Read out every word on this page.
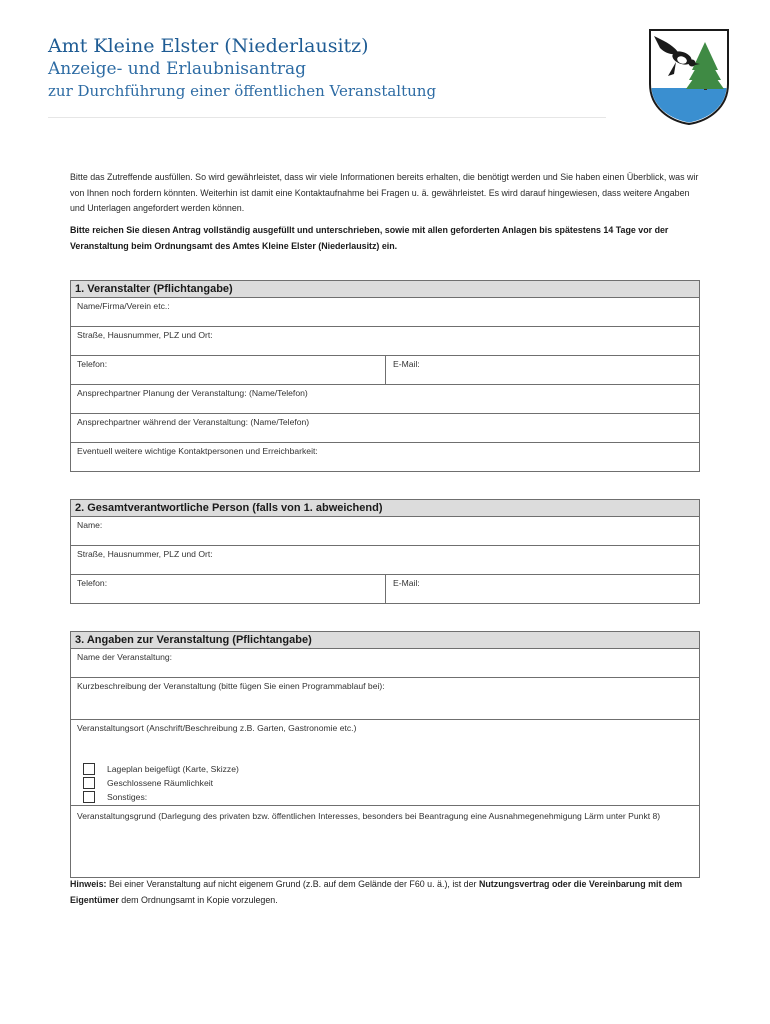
Amt Kleine Elster (Niederlausitz)
Anzeige- und Erlaubnisantrag
zur Durchführung einer öffentlichen Veranstaltung
Bitte das Zutreffende ausfüllen. So wird gewährleistet, dass wir viele Informationen bereits erhalten, die benötigt werden und Sie haben einen Überblick, was wir von Ihnen noch fordern könnten. Weiterhin ist damit eine Kontaktaufnahme bei Fragen u. ä. gewährleistet. Es wird darauf hingewiesen, dass weitere Angaben und Unterlagen angefordert werden können.
Bitte reichen Sie diesen Antrag vollständig ausgefüllt und unterschrieben, sowie mit allen geforderten Anlagen bis spätestens 14 Tage vor der Veranstaltung beim Ordnungsamt des Amtes Kleine Elster (Niederlausitz) ein.
1. Veranstalter (Pflichtangabe)
Name/Firma/Verein etc.:
Straße, Hausnummer, PLZ und Ort:
Telefon:	E-Mail:
Ansprechpartner Planung der Veranstaltung: (Name/Telefon)
Ansprechpartner während der Veranstaltung: (Name/Telefon)
Eventuell weitere wichtige Kontaktpersonen und Erreichbarkeit:
2. Gesamtverantwortliche Person (falls von 1. abweichend)
Name:
Straße, Hausnummer, PLZ und Ort:
Telefon:	E-Mail:
3. Angaben zur Veranstaltung (Pflichtangabe)
Name der Veranstaltung:
Kurzbeschreibung der Veranstaltung (bitte fügen Sie einen Programmablauf bei):
Veranstaltungsort (Anschrift/Beschreibung z.B. Garten, Gastronomie etc.)
Lageplan beigefügt (Karte, Skizze)
Geschlossene Räumlichkeit
Sonstiges:
Veranstaltungsgrund (Darlegung des privaten bzw. öffentlichen Interesses, besonders bei Beantragung eine Ausnahmegenehmigung Lärm unter Punkt 8)
Hinweis: Bei einer Veranstaltung auf nicht eigenem Grund (z.B. auf dem Gelände der F60 u. ä.), ist der Nutzungsvertrag oder die Vereinbarung mit dem Eigentümer dem Ordnungsamt in Kopie vorzulegen.
